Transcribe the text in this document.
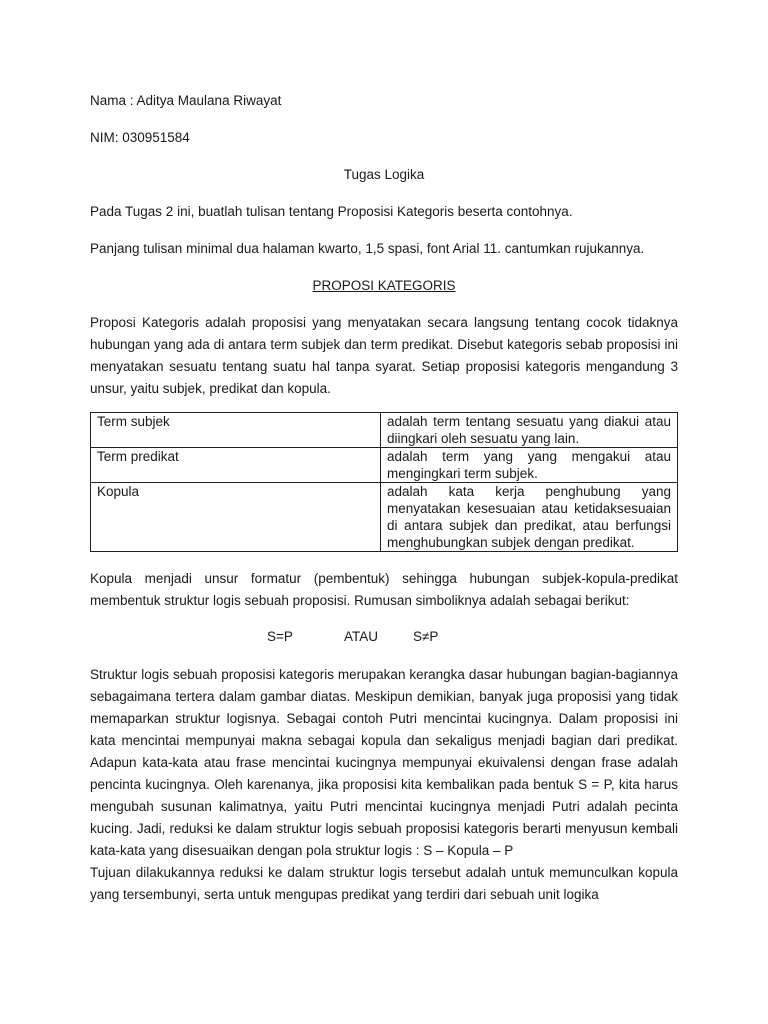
Nama : Aditya Maulana Riwayat

NIM: 030951584

Tugas Logika

Pada Tugas 2 ini, buatlah tulisan tentang Proposisi Kategoris beserta contohnya.

Panjang tulisan minimal dua halaman kwarto, 1,5 spasi, font Arial 11. cantumkan rujukannya.

PROPOSI KATEGORIS

Proposi Kategoris adalah proposisi yang menyatakan secara langsung tentang cocok tidaknya hubungan yang ada di antara term subjek dan term predikat. Disebut kategoris sebab proposisi ini menyatakan sesuatu tentang suatu hal tanpa syarat. Setiap proposisi kategoris mengandung 3 unsur, yaitu subjek, predikat dan kopula.

Term subjek	adalah term tentang sesuatu yang diakui atau diingkari oleh sesuatu yang lain.
Term predikat	adalah term yang yang mengakui atau mengingkari term subjek.
Kopula	adalah kata kerja penghubung yang menyatakan kesesuaian atau ketidaksesuaian di antara subjek dan predikat, atau berfungsi menghubungkan subjek dengan predikat.

Kopula menjadi unsur formatur (pembentuk) sehingga hubungan subjek-kopula-predikat membentuk struktur logis sebuah proposisi. Rumusan simboliknya adalah sebagai berikut:

S=P	ATAU	S≠P

Struktur logis sebuah proposisi kategoris merupakan kerangka dasar hubungan bagian-bagiannya sebagaimana tertera dalam gambar diatas. Meskipun demikian, banyak juga proposisi yang tidak memaparkan struktur logisnya. Sebagai contoh Putri mencintai kucingnya. Dalam proposisi ini kata mencintai mempunyai makna sebagai kopula dan sekaligus menjadi bagian dari predikat. Adapun kata-kata atau frase mencintai kucingnya mempunyai ekuivalensi dengan frase adalah pencinta kucingnya. Oleh karenanya, jika proposisi kita kembalikan pada bentuk S = P, kita harus mengubah susunan kalimatnya, yaitu Putri mencintai kucingnya menjadi Putri adalah pecinta kucing. Jadi, reduksi ke dalam struktur logis sebuah proposisi kategoris berarti menyusun kembali kata-kata yang disesuaikan dengan pola struktur logis : S – Kopula – P

Tujuan dilakukannya reduksi ke dalam struktur logis tersebut adalah untuk memunculkan kopula yang tersembunyi, serta untuk mengupas predikat yang terdiri dari sebuah unit logika
